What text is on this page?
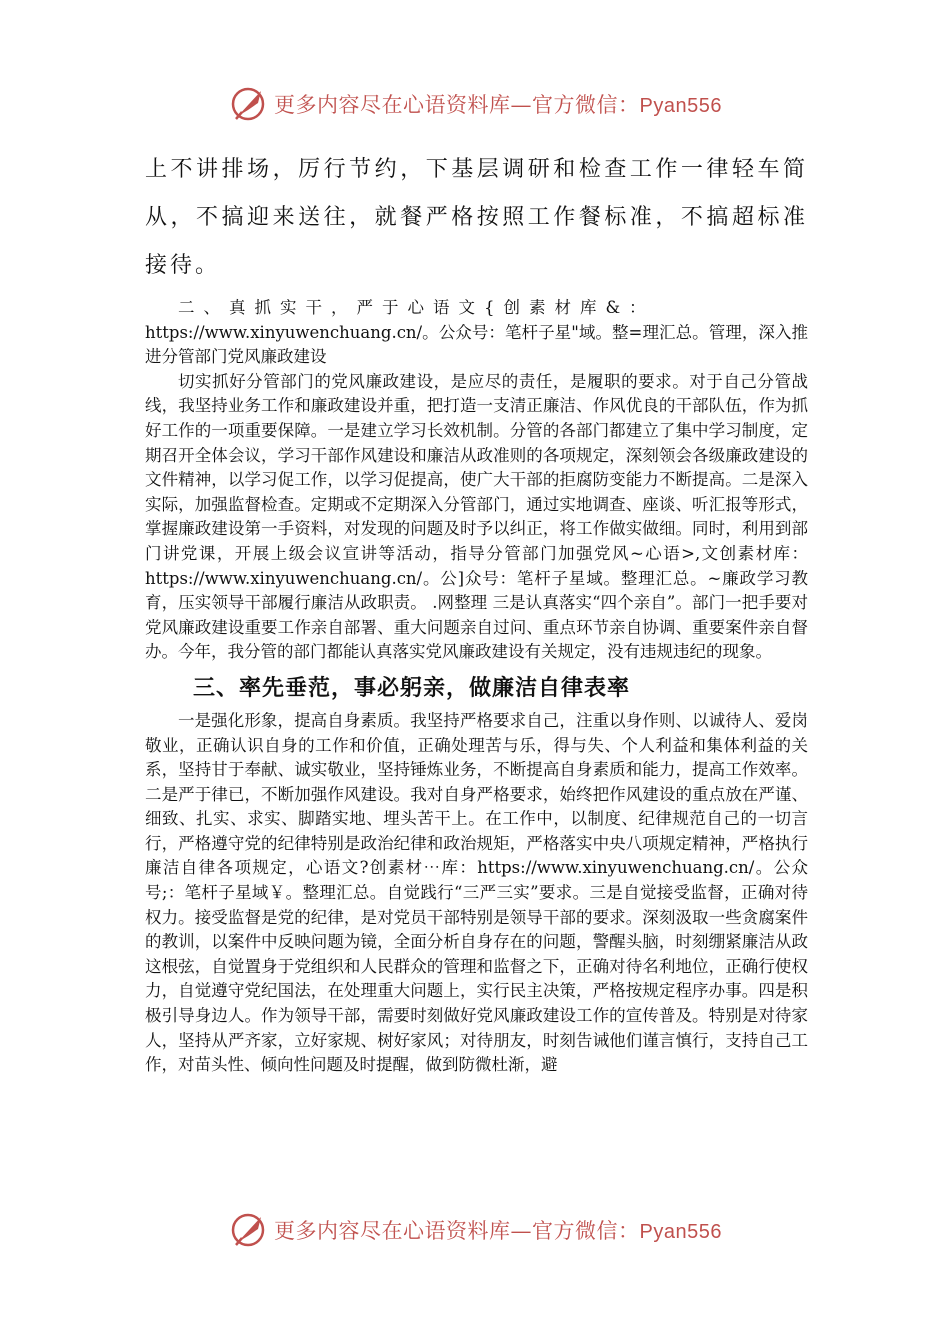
更多内容尽在心语资料库—官方微信：Pyan556

上不讲排场，厉行节约，下基层调研和检查工作一律轻车简从，不搞迎来送往，就餐严格按照工作餐标准，不搞超标准接待。

二、真抓实干，严于心语文{创素材库&：

https://www.xinyuwenchuang.cn/。公众号：笔杆子星"域。整=理汇总。管理，深入推进分管部门党风廉政建设

切实抓好分管部门的党风廉政建设，是应尽的责任，是履职的要求。对于自己分管战线，我坚持业务工作和廉政建设并重，把打造一支清正廉洁、作风优良的干部队伍，作为抓好工作的一项重要保障。一是建立学习长效机制。分管的各部门都建立了集中学习制度，定期召开全体会议，学习干部作风建设和廉洁从政准则的各项规定，深刻领会各级廉政建设的文件精神，以学习促工作，以学习促提高，使广大干部的拒腐防变能力不断提高。二是深入实际，加强监督检查。定期或不定期深入分管部门，通过实地调查、座谈、听汇报等形式，掌握廉政建设第一手资料，对发现的问题及时予以纠正，将工作做实做细。同时，利用到部门讲党课，开展上级会议宣讲等活动，指导分管部门加强党风~心语>,文创素材库：https://www.xinyuwenchuang.cn/。公]众号：笔杆子星域。整理汇总。~廉政学习教育，压实领导干部履行廉洁从政职责。 .网整理 三是认真落实“四个亲自”。部门一把手要对党风廉政建设重要工作亲自部署、重大问题亲自过问、重点环节亲自协调、重要案件亲自督办。今年，我分管的部门都能认真落实党风廉政建设有关规定，没有违规违纪的现象。

三、率先垂范，事必躬亲，做廉洁自律表率

一是强化形象，提高自身素质。我坚持严格要求自己，注重以身作则、以诚待人、爱岗敬业，正确认识自身的工作和价值，正确处理苦与乐，得与失、个人利益和集体利益的关系，坚持甘于奉献、诚实敬业，坚持锤炼业务，不断提高自身素质和能力，提高工作效率。二是严于律已，不断加强作风建设。我对自身严格要求，始终把作风建设的重点放在严谨、细致、扎实、求实、脚踏实地、埋头苦干上。在工作中，以制度、纪律规范自己的一切言行，严格遵守党的纪律特别是政治纪律和政治规矩，严格落实中央八项规定精神，严格执行廉洁自律各项规定，心语文?创素材⋯库：https://www.xinyuwenchuang.cn/。公众号;：笔杆子星域￥。整理汇总。自觉践行“三严三实”要求。三是自觉接受监督，正确对待权力。接受监督是党的纪律，是对党员干部特别是领导干部的要求。深刻汲取一些贪腐案件的教训，以案件中反映问题为镜，全面分析自身存在的问题，警醒头脑，时刻绷紧廉洁从政这根弦，自觉置身于党组织和人民群众的管理和监督之下，正确对待名利地位，正确行使权力，自觉遵守党纪国法，在处理重大问题上，实行民主决策，严格按规定程序办事。四是积极引导身边人。作为领导干部，需要时刻做好党风廉政建设工作的宣传普及。特别是对待家人，坚持从严齐家，立好家规、树好家风；对待朋友，时刻告诫他们谨言慎行，支持自己工作，对苗头性、倾向性问题及时提醒，做到防微杜渐，避

更多内容尽在心语资料库—官方微信：Pyan556
